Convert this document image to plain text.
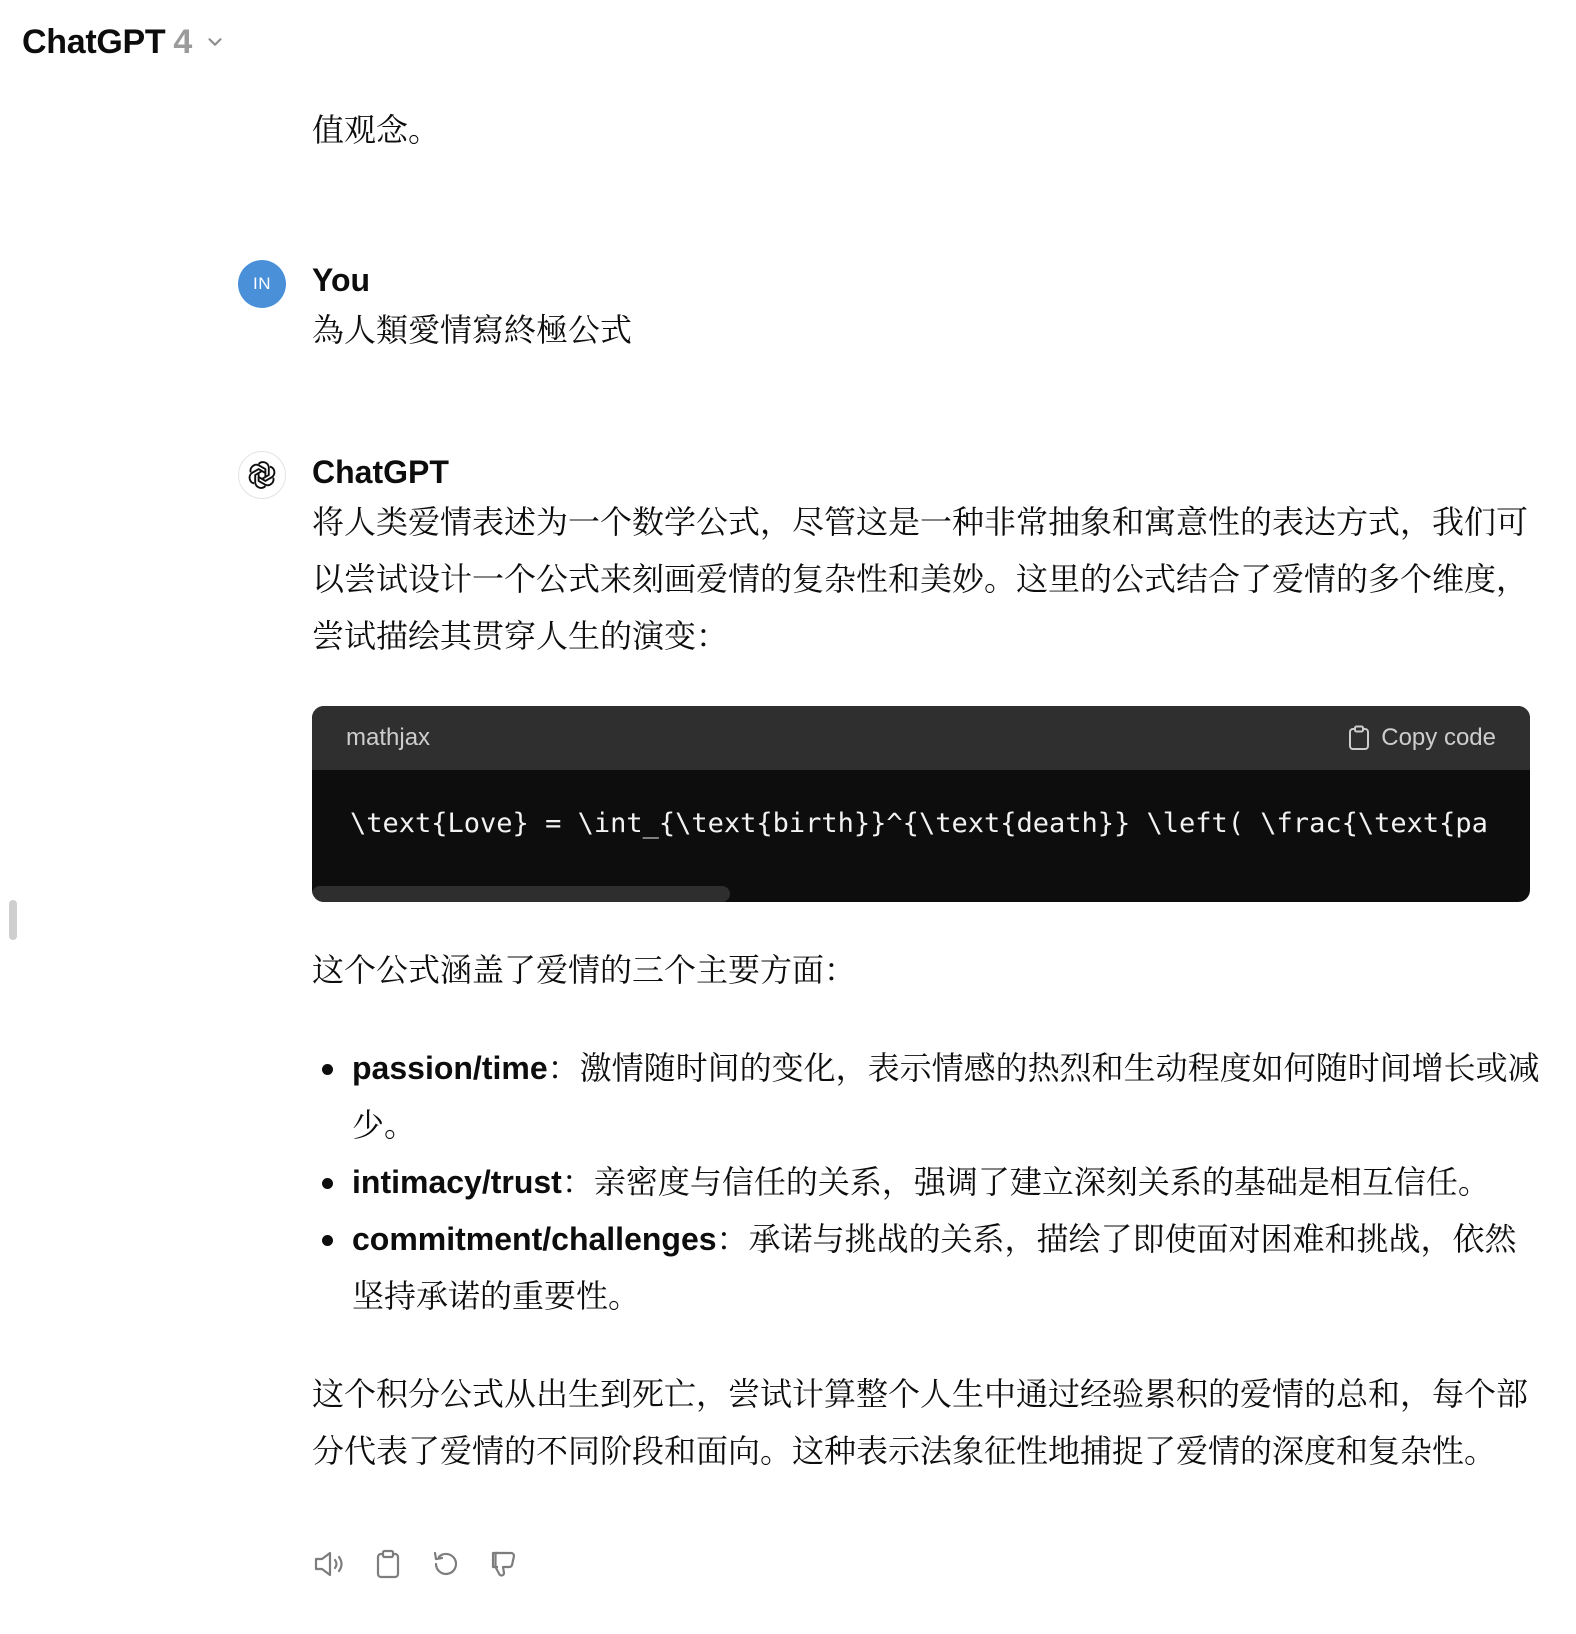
ChatGPT 4

值观念。

IN	You

為人類愛情寫終極公式

ChatGPT

将人类爱情表述为一个数学公式，尽管这是一种非常抽象和寓意性的表达方式，我们可以尝试设计一个公式来刻画爱情的复杂性和美妙。这里的公式结合了爱情的多个维度，尝试描绘其贯穿人生的演变：

mathjax	Copy code
\text{Love} = \int_{\text{birth}}^{\text{death}} \left( \frac{\text{pa

这个公式涵盖了爱情的三个主要方面：

passion/time：激情随时间的变化，表示情感的热烈和生动程度如何随时间增长或减少。
intimacy/trust：亲密度与信任的关系，强调了建立深刻关系的基础是相互信任。
commitment/challenges：承诺与挑战的关系，描绘了即使面对困难和挑战，依然坚持承诺的重要性。

这个积分公式从出生到死亡，尝试计算整个人生中通过经验累积的爱情的总和，每个部分代表了爱情的不同阶段和面向。这种表示法象征性地捕捉了爱情的深度和复杂性。
